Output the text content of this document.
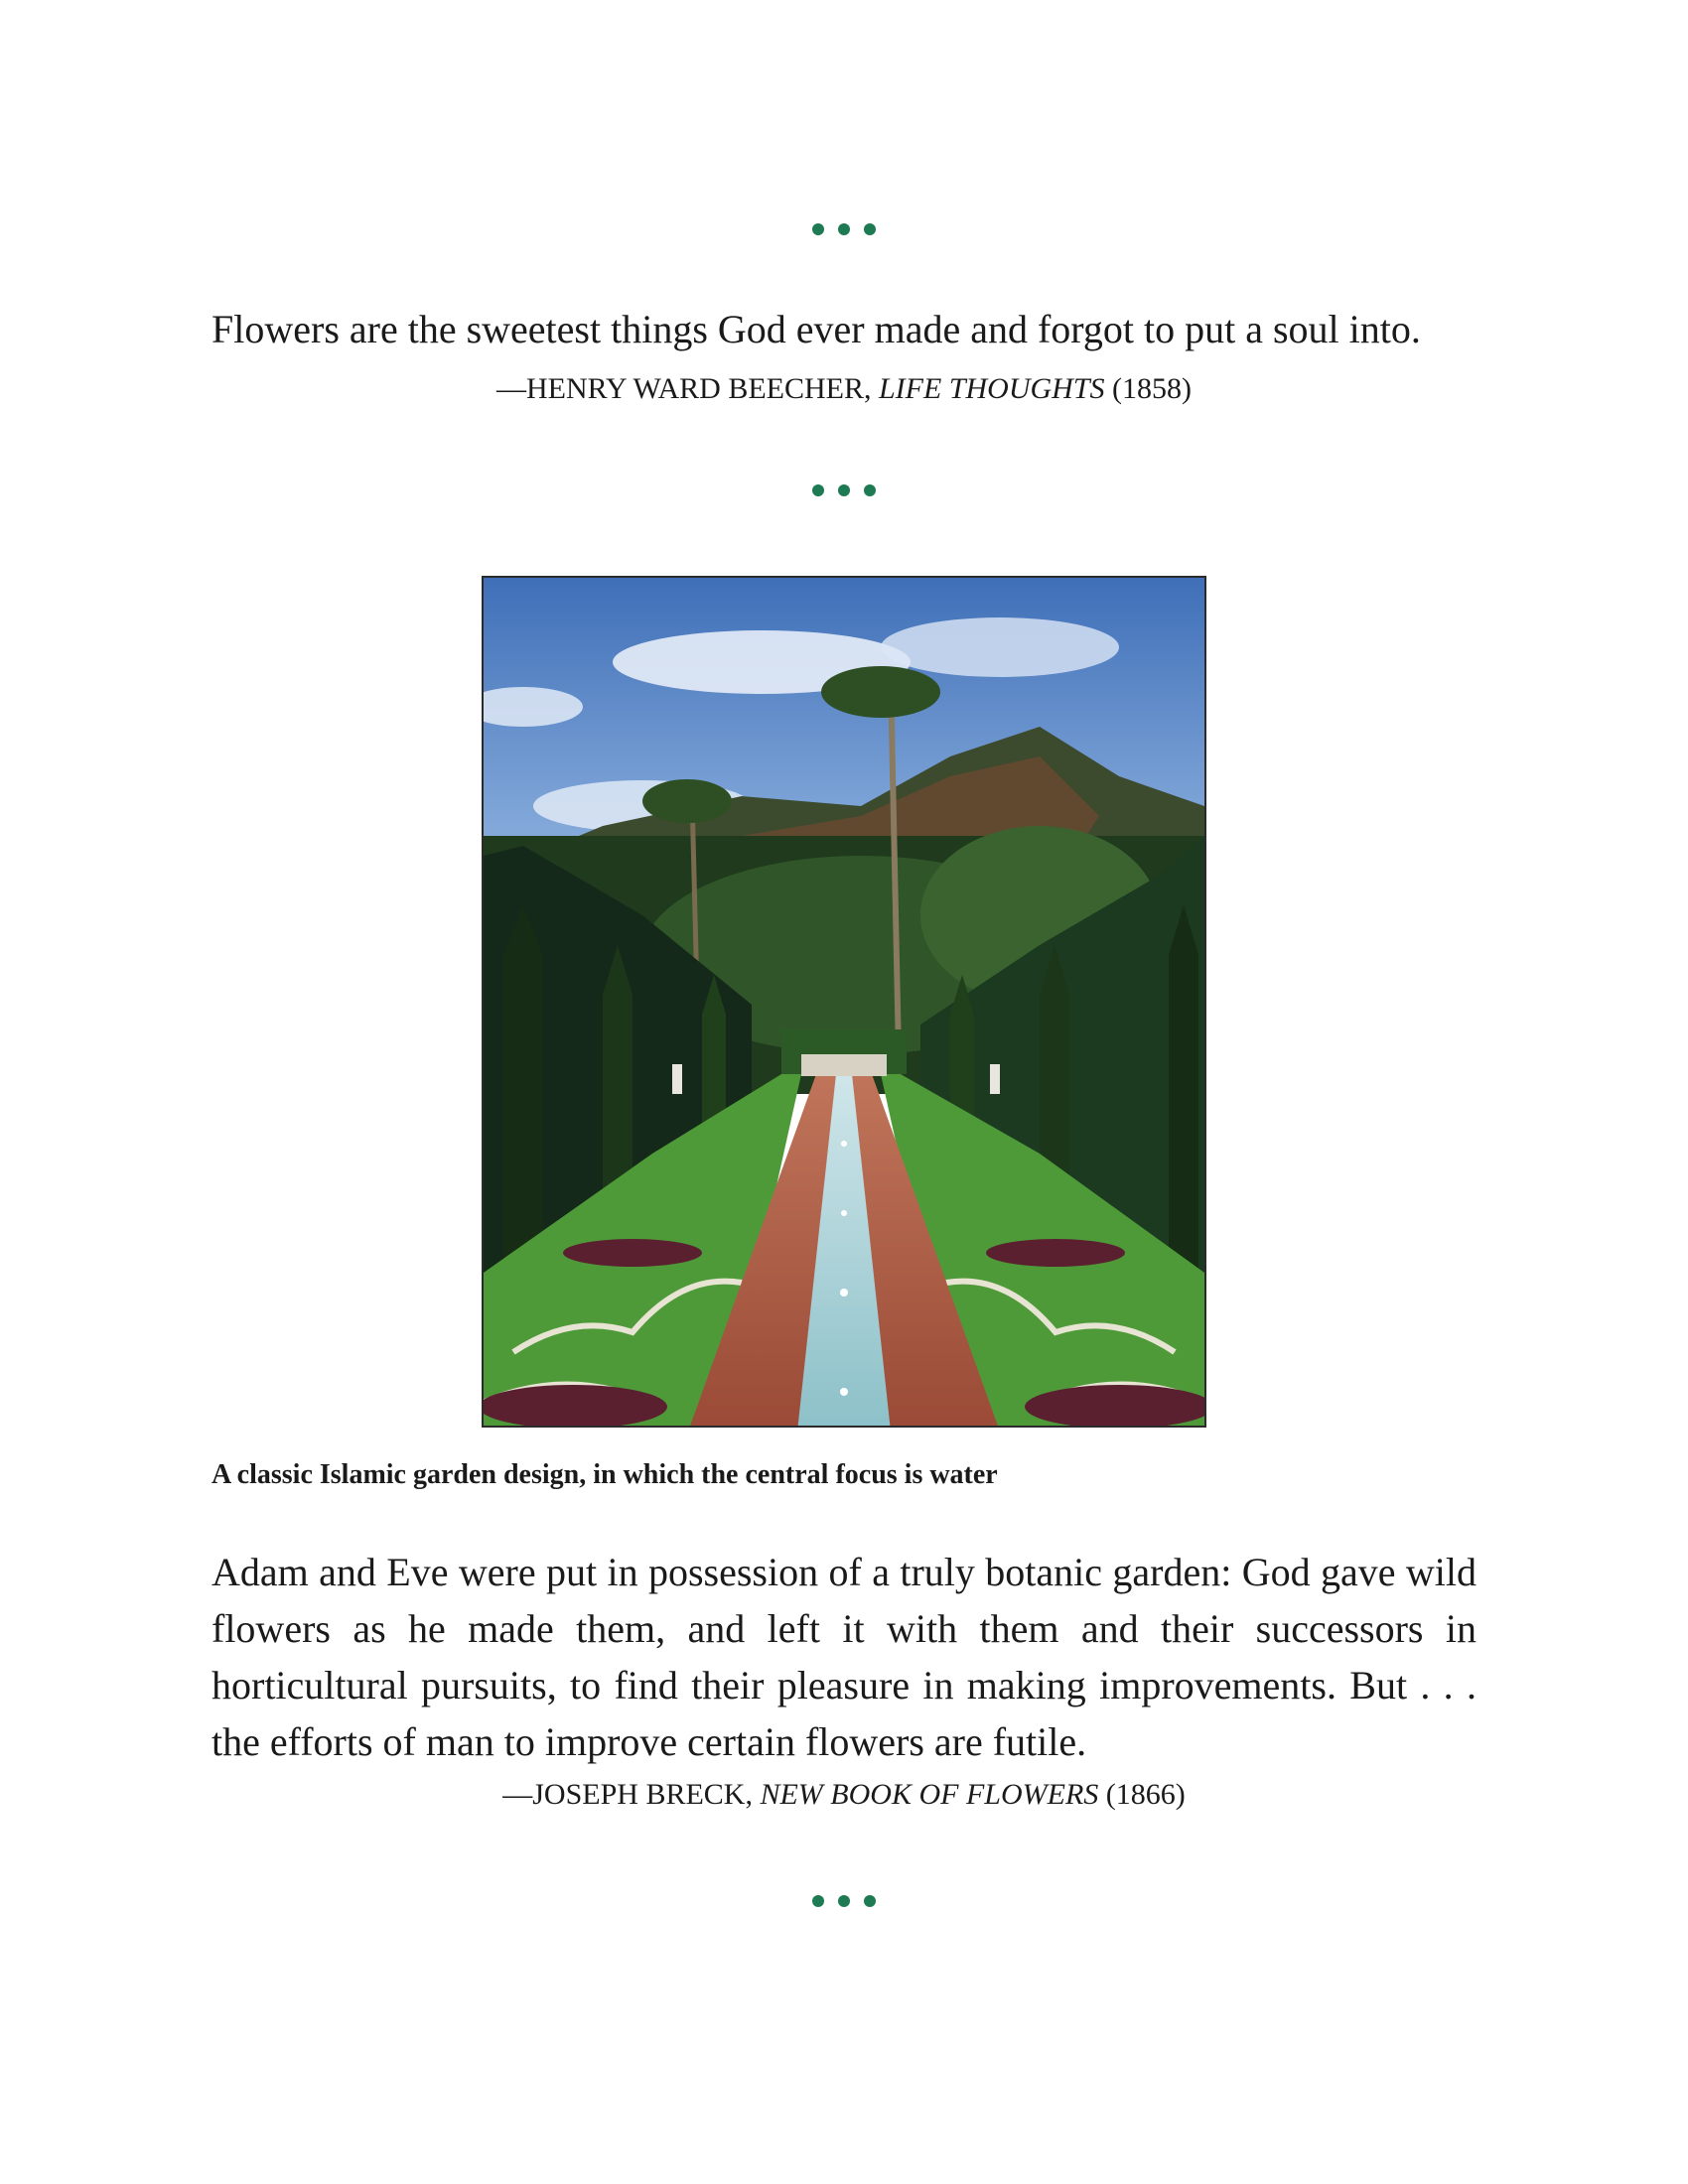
Flowers are the sweetest things God ever made and forgot to put a soul into.
—HENRY WARD BEECHER, LIFE THOUGHTS (1858)
A classic Islamic garden design, in which the central focus is water
Adam and Eve were put in possession of a truly botanic garden: God gave wild flowers as he made them, and left it with them and their successors in horticultural pursuits, to find their pleasure in making improvements. But . . . the efforts of man to improve certain flowers are futile.
—JOSEPH BRECK, NEW BOOK OF FLOWERS (1866)
